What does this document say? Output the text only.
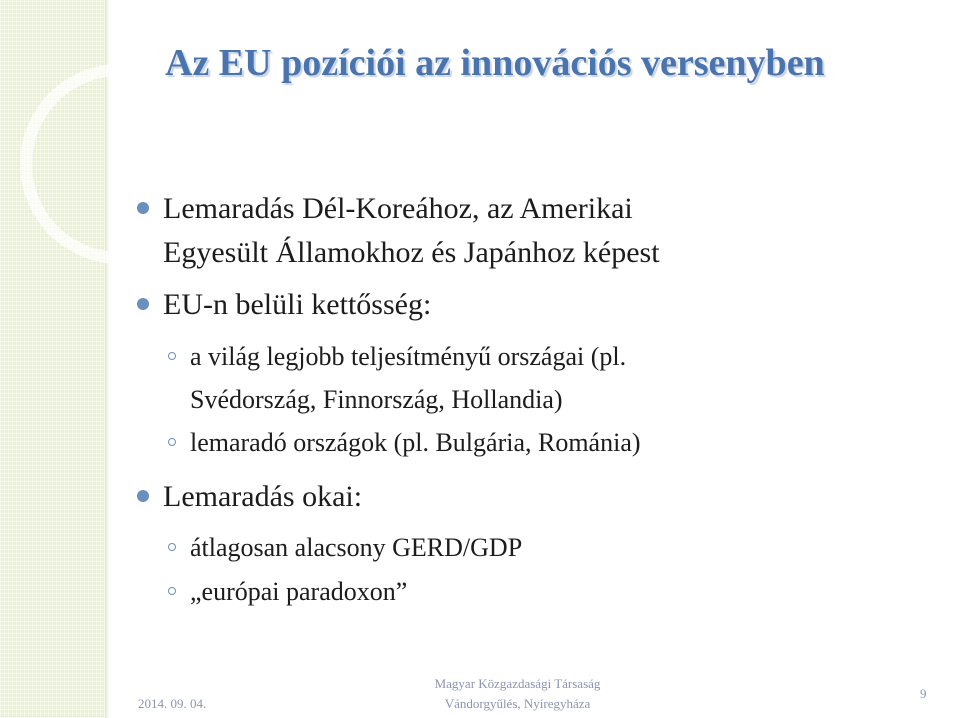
Az EU pozíciói az innovációs versenyben
Lemaradás Dél-Koreához, az Amerikai
Egyesült Államokhoz és Japánhoz képest
EU-n belüli kettősség:
a világ legjobb teljesítményű országai (pl.
Svédország, Finnország, Hollandia)
lemaradó országok (pl. Bulgária, Románia)
Lemaradás okai:
átlagosan alacsony GERD/GDP
„európai paradoxon”
2014. 09. 04.
Magyar Közgazdasági Társaság
Vándorgyűlés, Nyíregyháza
9
